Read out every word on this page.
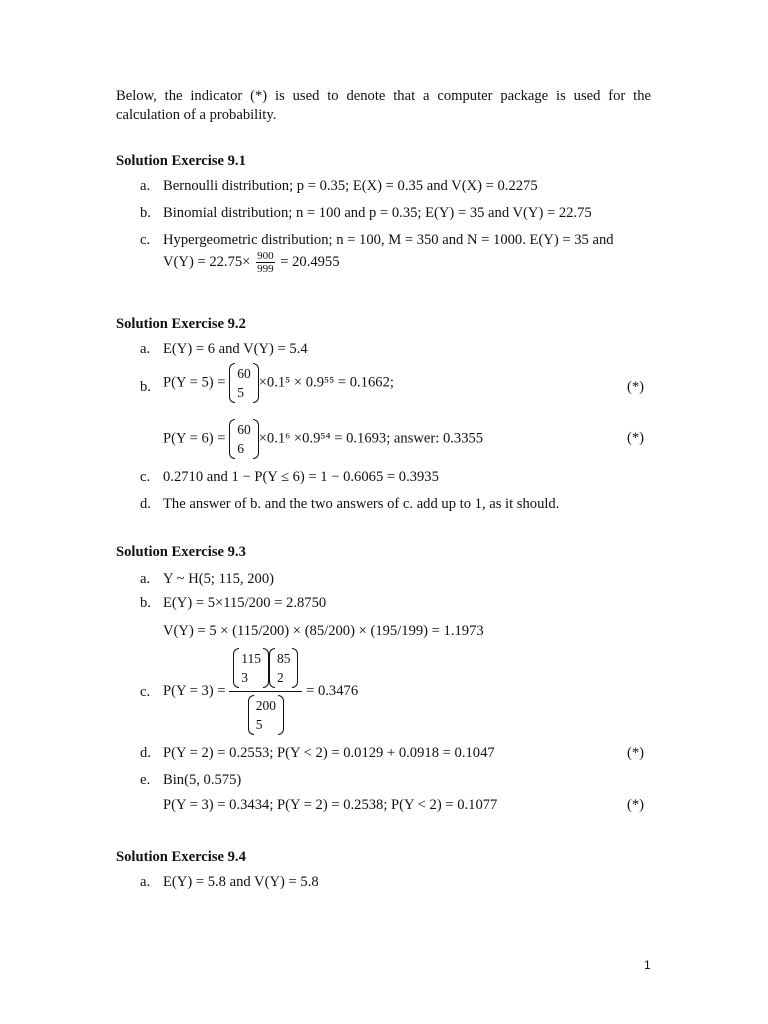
Below, the indicator (*) is used to denote that a computer package is used for the calculation of a probability.
Solution Exercise 9.1
a. Bernoulli distribution; p = 0.35; E(X) = 0.35 and V(X) = 0.2275
b. Binomial distribution; n = 100 and p = 0.35; E(Y) = 35 and V(Y) = 22.75
c. Hypergeometric distribution; n = 100, M = 350 and N = 1000. E(Y) = 35 and
$V(Y) = 22.75\times \frac{900}{999} = 20.4955$
Solution Exercise 9.2
a. E(Y) = 6 and V(Y) = 5.4
b. P(Y = 5) =
60
5
×0.1⁵ × 0.9⁵⁵ = 0.1662;	(*)
P(Y = 6) =
60
6
×0.1⁶ ×0.9⁵⁴ = 0.1693; answer: 0.3355	(*)
c. 0.2710 and 1 − P(Y ≤ 6) = 1 − 0.6065 = 0.3935
d. The answer of b. and the two answers of c. add up to 1, as it should.
Solution Exercise 9.3
a. Y ~ H(5; 115, 200)
b. E(Y) = 5×115/200 = 2.8750
V(Y) = 5 × (115/200) × (85/200) × (195/199) = 1.1973
c. P(Y = 3) = 115
3
85
2
200
5 = 0.3476
d. P(Y = 2) = 0.2553; P(Y < 2) = 0.0129 + 0.0918 = 0.1047	(*)
e. Bin(5, 0.575)
P(Y = 3) = 0.3434; P(Y = 2) = 0.2538; P(Y < 2) = 0.1077	(*)
Solution Exercise 9.4
a. E(Y) = 5.8 and V(Y) = 5.8
1
